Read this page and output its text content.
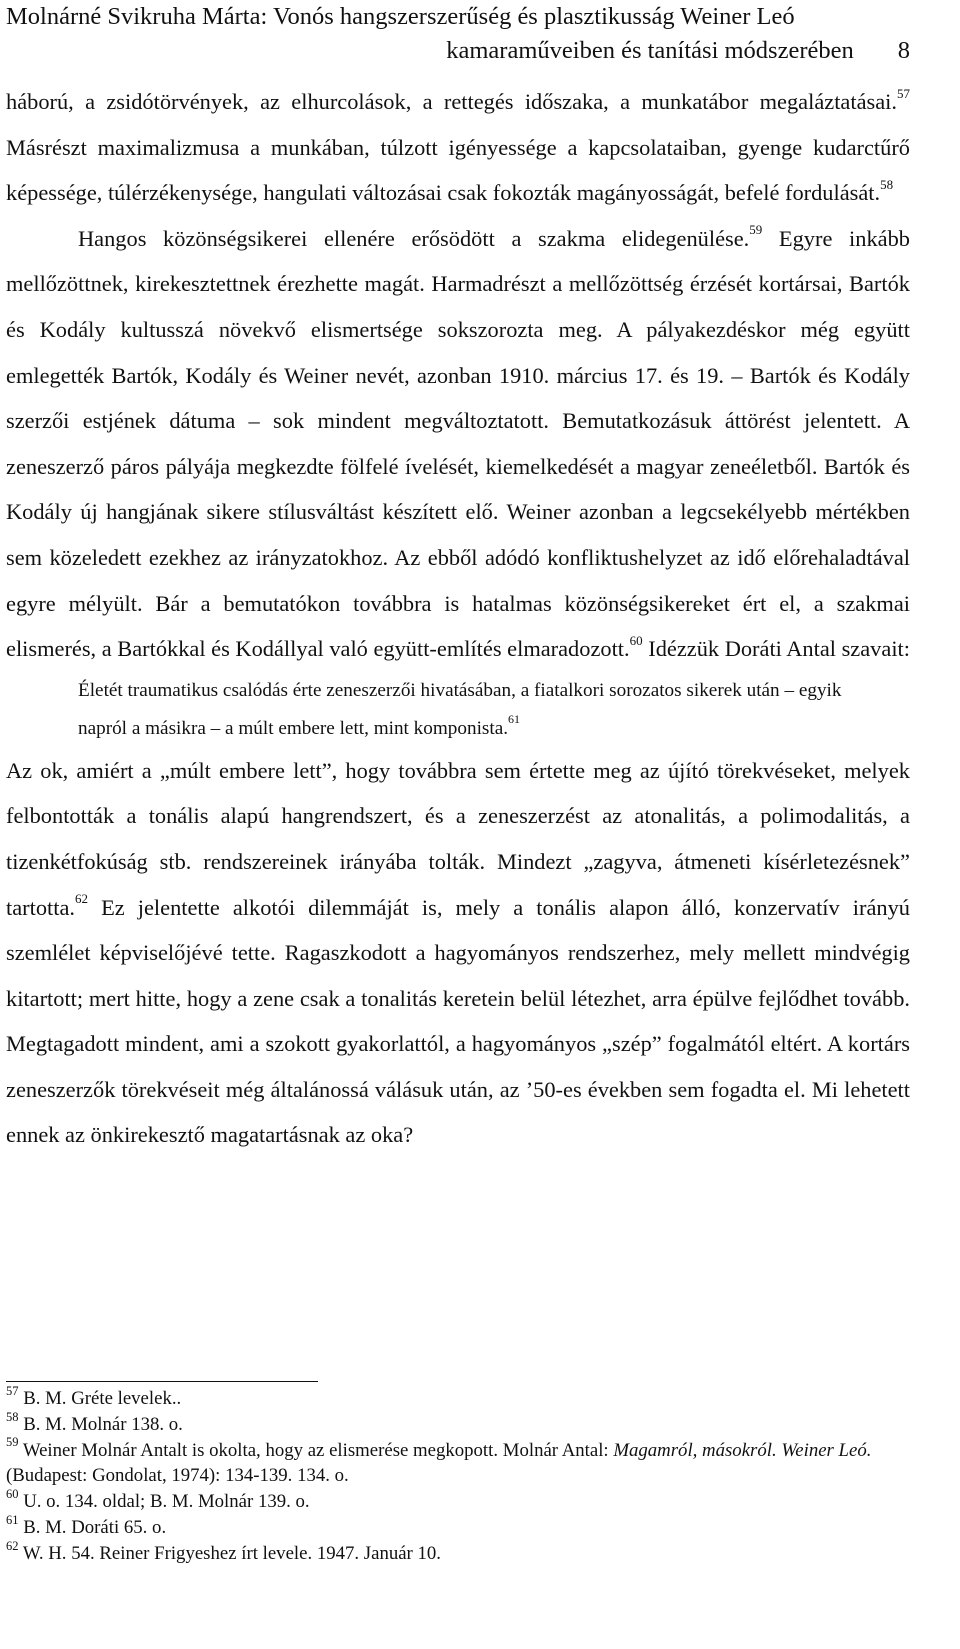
Molnárné Svikruha Márta: Vonós hangszerszerűség és plasztikusság Weiner Leó
kamaraműveiben és tanítási módszerében 8

háború, a zsidótörvények, az elhurcolások, a rettegés időszaka, a munkatábor megaláztatásai.$^{57}$ Másrészt maximalizmusa a munkában, túlzott igényessége a kapcsolataiban, gyenge kudarctűrő képessége, túlérzékenysége, hangulati változásai csak fokozták magányosságát, befelé fordulását.$^{58}$

Hangos közönségsikerei ellenére erősödött a szakma elidegenülése.$^{59}$ Egyre inkább mellőzöttnek, kirekesztettnek érezhette magát. Harmadrészt a mellőzöttség érzését kortársai, Bartók és Kodály kultusszá növekvő elismertsége sokszorozta meg. A pályakezdéskor még együtt emlegették Bartók, Kodály és Weiner nevét, azonban 1910. március 17. és 19. – Bartók és Kodály szerzői estjének dátuma – sok mindent megváltoztatott. Bemutatkozásuk áttörést jelentett. A zeneszerző páros pályája megkezdte fölfelé ívelését, kiemelkedését a magyar zeneéletből. Bartók és Kodály új hangjának sikere stílusváltást készített elő. Weiner azonban a legcsekélyebb mértékben sem közeledett ezekhez az irányzatokhoz. Az ebből adódó konfliktushelyzet az idő előrehaladtával egyre mélyült. Bár a bemutatókon továbbra is hatalmas közönségsikereket ért el, a szakmai elismerés, a Bartókkal és Kodállyal való együtt-említés elmaradozott.$^{60}$ Idézzük Doráti Antal szavait:

Életét traumatikus csalódás érte zeneszerzői hivatásában, a fiatalkori sorozatos sikerek után – egyik napról a másikra – a múlt embere lett, mint komponista.$^{61}$

Az ok, amiért a „múlt embere lett”, hogy továbbra sem értette meg az újító törekvéseket, melyek felbontották a tonális alapú hangrendszert, és a zeneszerzést az atonalitás, a polimodalitás, a tizenkétfokúság stb. rendszereinek irányába tolták. Mindezt „zagyva, átmeneti kísérletezésnek” tartotta.$^{62}$ Ez jelentette alkotói dilemmáját is, mely a tonális alapon álló, konzervatív irányú szemlélet képviselőjévé tette. Ragaszkodott a hagyományos rendszerhez, mely mellett mindvégig kitartott; mert hitte, hogy a zene csak a tonalitás keretein belül létezhet, arra épülve fejlődhet tovább. Megtagadott mindent, ami a szokott gyakorlattól, a hagyományos „szép” fogalmától eltért. A kortárs zeneszerzők törekvéseit még általánossá válásuk után, az ’50-es években sem fogadta el. Mi lehetett ennek az önkirekesztő magatartásnak az oka?

$^{57}$ B. M. Gréte levelek..

$^{58}$ B. M. Molnár 138. o.

$^{59}$ Weiner Molnár Antalt is okolta, hogy az elismerése megkopott. Molnár Antal: Magamról, másokról. Weiner Leó. (Budapest: Gondolat, 1974): 134-139. 134. o.

$^{60}$ U. o. 134. oldal; B. M. Molnár 139. o.

$^{61}$ B. M. Doráti 65. o.

$^{62}$ W. H. 54. Reiner Frigyeshez írt levele. 1947. Január 10.
